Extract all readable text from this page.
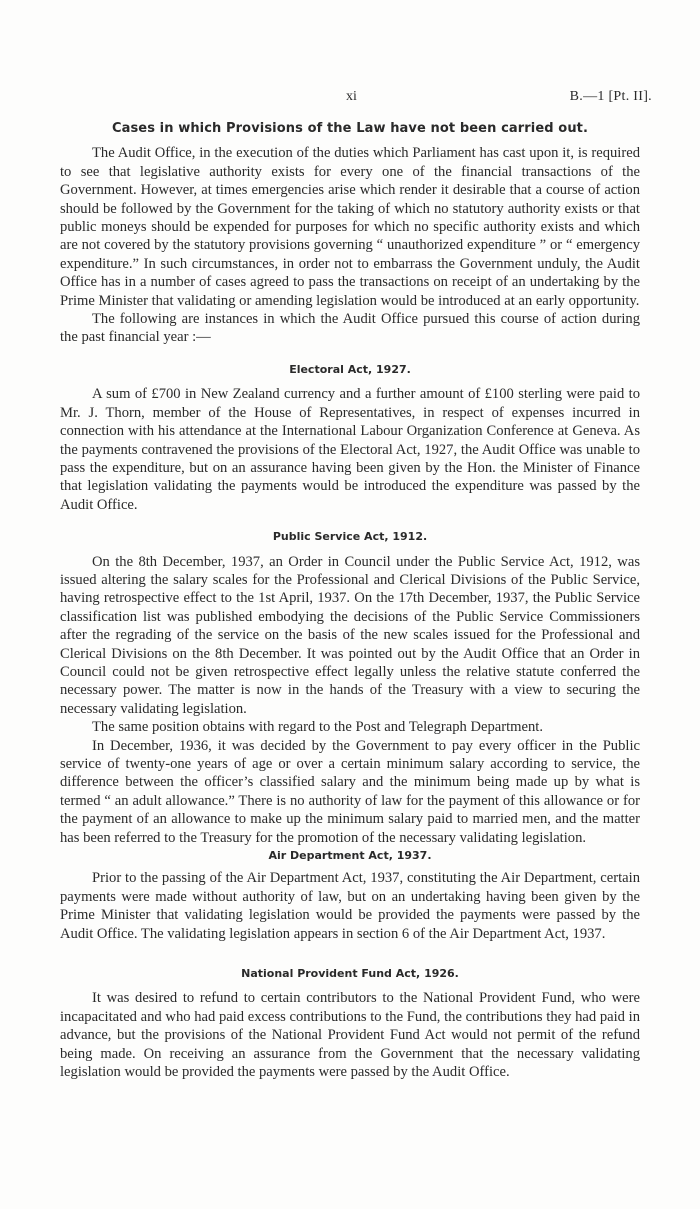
xi	B.—1 [Pt. II].
Cases in which Provisions of the Law have not been carried out.

The Audit Office, in the execution of the duties which Parliament has cast upon it, is required to see that legislative authority exists for every one of the financial transactions of the Government. However, at times emergencies arise which render it desirable that a course of action should be followed by the Government for the taking of which no statutory authority exists or that public moneys should be expended for purposes for which no specific authority exists and which are not covered by the statutory provisions governing “ unauthorized expenditure ” or “ emergency expenditure.” In such circumstances, in order not to embarrass the Government unduly, the Audit Office has in a number of cases agreed to pass the transactions on receipt of an undertaking by the Prime Minister that validating or amending legislation would be introduced at an early opportunity.

The following are instances in which the Audit Office pursued this course of action during the past financial year :—

Electoral Act, 1927.

A sum of £700 in New Zealand currency and a further amount of £100 sterling were paid to Mr. J. Thorn, member of the House of Representatives, in respect of expenses incurred in connection with his attendance at the International Labour Organization Conference at Geneva. As the payments contravened the provisions of the Electoral Act, 1927, the Audit Office was unable to pass the expenditure, but on an assurance having been given by the Hon. the Minister of Finance that legislation validating the payments would be introduced the expenditure was passed by the Audit Office.

Public Service Act, 1912.

On the 8th December, 1937, an Order in Council under the Public Service Act, 1912, was issued altering the salary scales for the Professional and Clerical Divisions of the Public Service, having retrospective effect to the 1st April, 1937. On the 17th December, 1937, the Public Service classification list was published embodying the decisions of the Public Service Commissioners after the regrading of the service on the basis of the new scales issued for the Professional and Clerical Divisions on the 8th December. It was pointed out by the Audit Office that an Order in Council could not be given retrospective effect legally unless the relative statute conferred the necessary power. The matter is now in the hands of the Treasury with a view to securing the necessary validating legislation.

The same position obtains with regard to the Post and Telegraph Department.

In December, 1936, it was decided by the Government to pay every officer in the Public service of twenty-one years of age or over a certain minimum salary according to service, the difference between the officer’s classified salary and the minimum being made up by what is termed “ an adult allowance.” There is no authority of law for the payment of this allowance or for the payment of an allowance to make up the minimum salary paid to married men, and the matter has been referred to the Treasury for the promotion of the necessary validating legislation.

Air Department Act, 1937.

Prior to the passing of the Air Department Act, 1937, constituting the Air Department, certain payments were made without authority of law, but on an undertaking having been given by the Prime Minister that validating legislation would be provided the payments were passed by the Audit Office. The validating legislation appears in section 6 of the Air Department Act, 1937.

National Provident Fund Act, 1926.

It was desired to refund to certain contributors to the National Provident Fund, who were incapacitated and who had paid excess contributions to the Fund, the contributions they had paid in advance, but the provisions of the National Provident Fund Act would not permit of the refund being made. On receiving an assurance from the Government that the necessary validating legislation would be provided the payments were passed by the Audit Office.
